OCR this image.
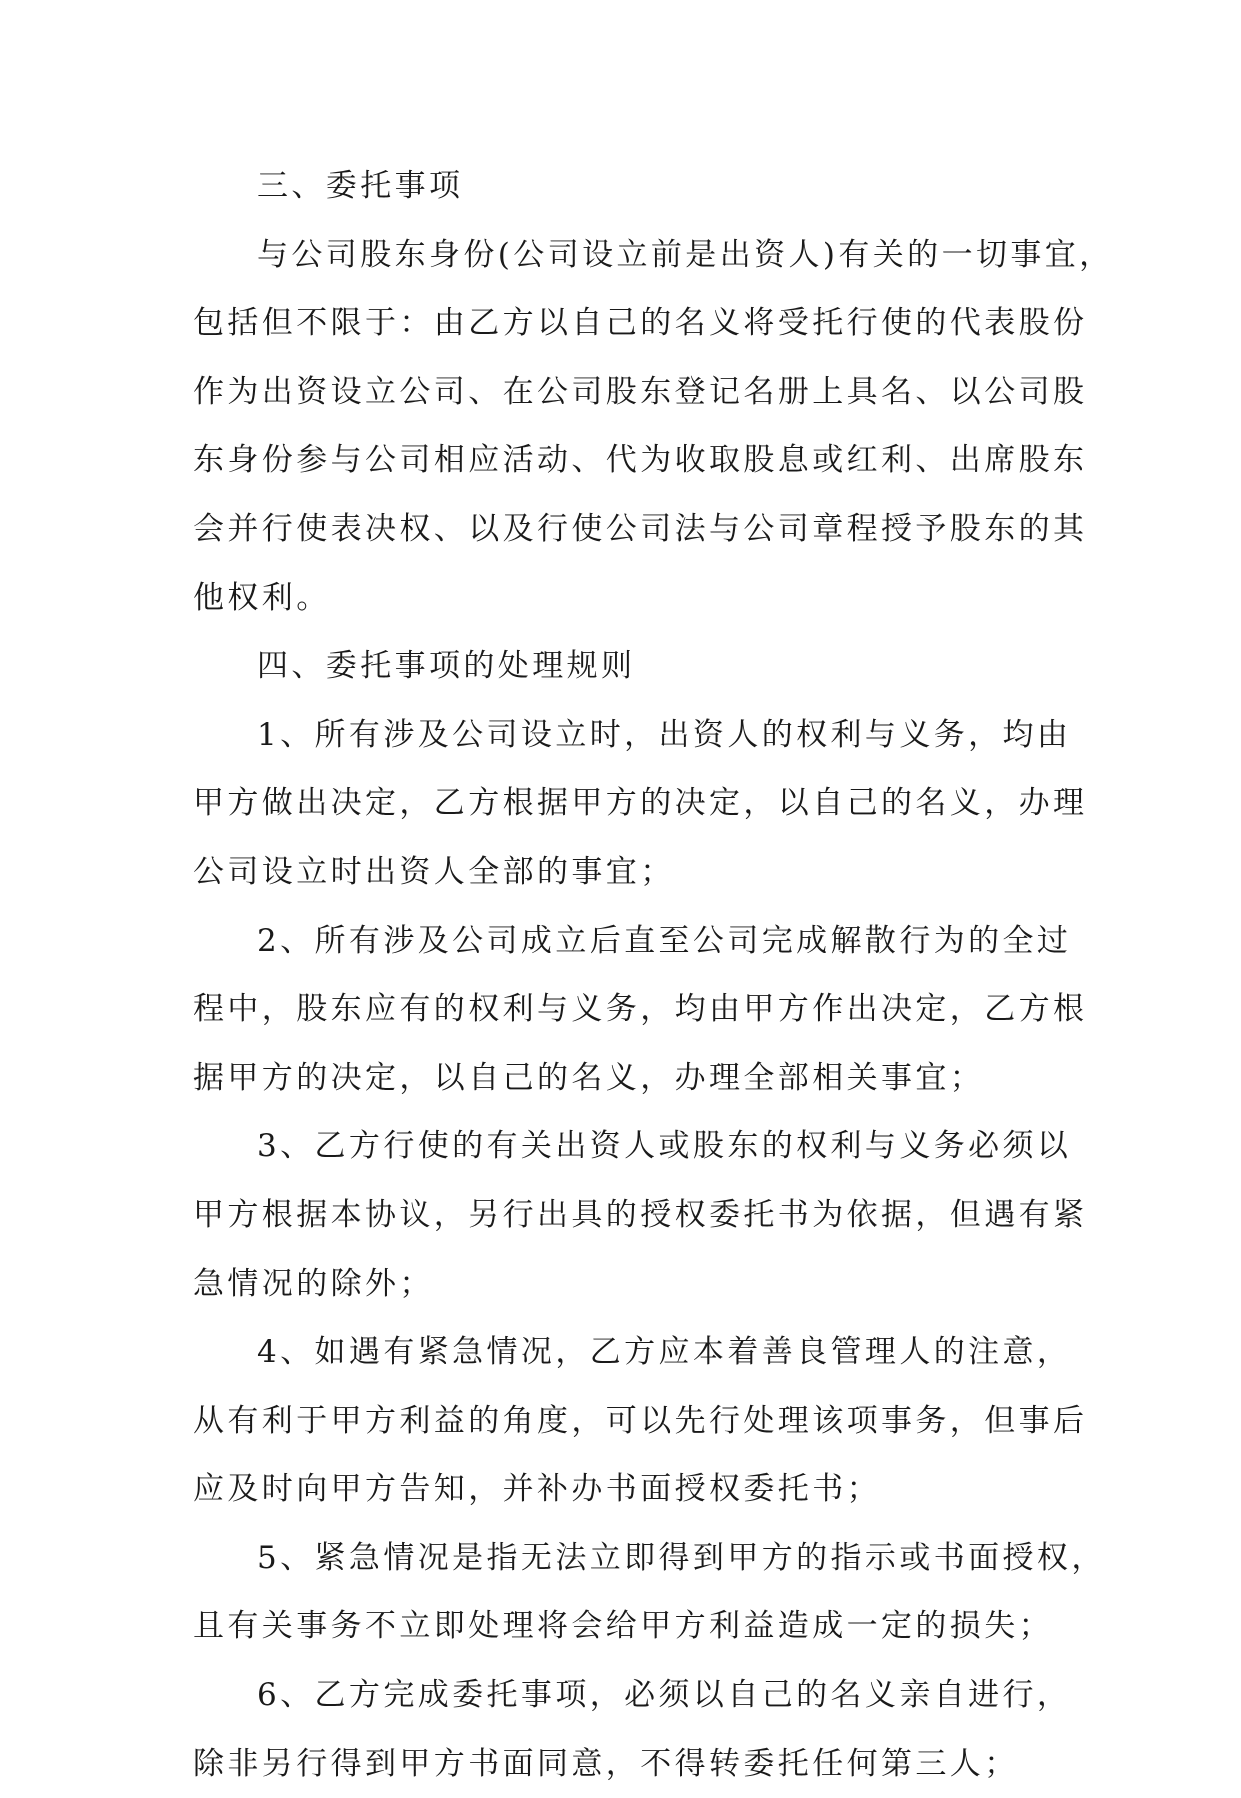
三、委托事项

与公司股东身份(公司设立前是出资人)有关的一切事宜，
包括但不限于：由乙方以自己的名义将受托行使的代表股份
作为出资设立公司、在公司股东登记名册上具名、以公司股
东身份参与公司相应活动、代为收取股息或红利、出席股东
会并行使表决权、以及行使公司法与公司章程授予股东的其
他权利。

四、委托事项的处理规则

1、所有涉及公司设立时，出资人的权利与义务，均由
甲方做出决定，乙方根据甲方的决定，以自己的名义，办理
公司设立时出资人全部的事宜；
2、所有涉及公司成立后直至公司完成解散行为的全过
程中，股东应有的权利与义务，均由甲方作出决定，乙方根
据甲方的决定，以自己的名义，办理全部相关事宜；
3、乙方行使的有关出资人或股东的权利与义务必须以
甲方根据本协议，另行出具的授权委托书为依据，但遇有紧
急情况的除外；
4、如遇有紧急情况，乙方应本着善良管理人的注意，
从有利于甲方利益的角度，可以先行处理该项事务，但事后
应及时向甲方告知，并补办书面授权委托书；
5、紧急情况是指无法立即得到甲方的指示或书面授权，
且有关事务不立即处理将会给甲方利益造成一定的损失；
6、乙方完成委托事项，必须以自己的名义亲自进行，
除非另行得到甲方书面同意，不得转委托任何第三人；
